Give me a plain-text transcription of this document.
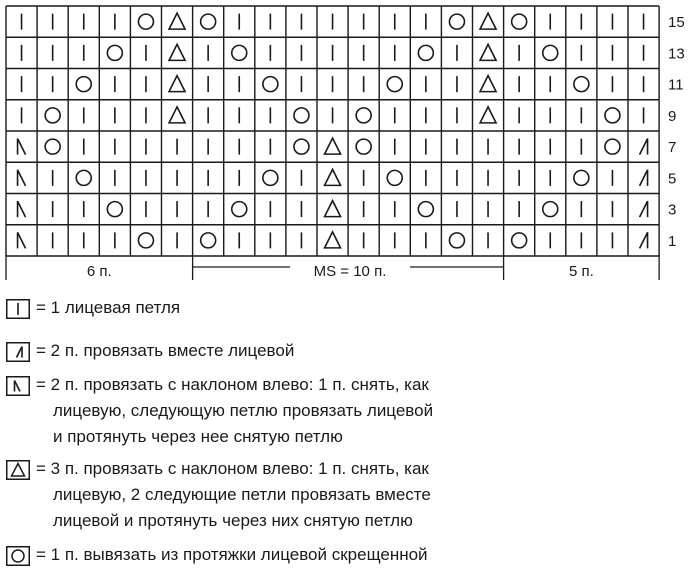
15
13
11
9
7
5
3
1
6 п.	MS = 10 п.	5 п.
= 1 лицевая петля
= 2 п. провязать вместе лицевой
= 2 п. провязать с наклоном влево: 1 п. снять, как
лицевую, следующую петлю провязать лицевой
и протянуть через нее снятую петлю
= 3 п. провязать с наклоном влево: 1 п. снять, как
лицевую, 2 следующие петли провязать вместе
лицевой и протянуть через них снятую петлю
= 1 п. вывязать из протяжки лицевой скрещенной
